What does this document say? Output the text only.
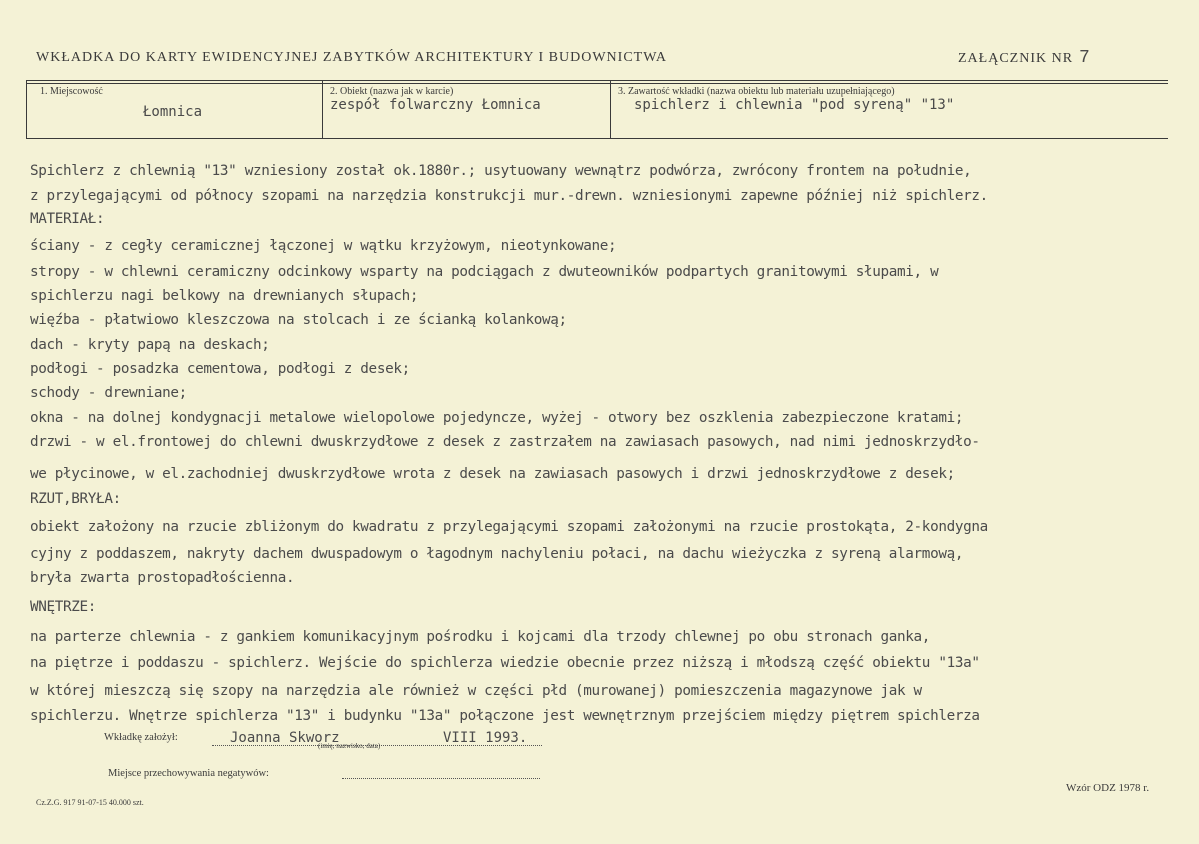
WKŁADKA DO KARTY EWIDENCYJNEJ ZABYTKÓW ARCHITEKTURY I BUDOWNICTWA	ZAŁĄCZNIK NR 7
1. Miejscowość
Łomnica
2. Obiekt (nazwa jak w karcie)
zespół folwarczny Łomnica
3. Zawartość wkładki (nazwa obiektu lub materiału uzupełniającego)
spichlerz i chlewnia "pod syreną" "13"
Spichlerz z chlewnią "13" wzniesiony został ok.1880r.; usytuowany wewnątrz podwórza, zwrócony frontem na południe,
z przylegającymi od północy szopami na narzędzia konstrukcji mur.-drewn. wzniesionymi zapewne później niż spichlerz.
MATERIAŁ:
ściany - z cegły ceramicznej łączonej w wątku krzyżowym, nieotynkowane;
stropy - w chlewni ceramiczny odcinkowy wsparty na podciągach z dwuteowników podpartych granitowymi słupami, w
spichlerzu nagi belkowy na drewnianych słupach;
więźba - płatwiowo kleszczowa na stolcach i ze ścianką kolankową;
dach - kryty papą na deskach;
podłogi - posadzka cementowa, podłogi z desek;
schody - drewniane;
okna - na dolnej kondygnacji metalowe wielopolowe pojedyncze, wyżej - otwory bez oszklenia zabezpieczone kratami;
drzwi - w el.frontowej do chlewni dwuskrzydłowe z desek z zastrzałem na zawiasach pasowych, nad nimi jednoskrzydło-
we płycinowe, w el.zachodniej dwuskrzydłowe wrota z desek na zawiasach pasowych i drzwi jednoskrzydłowe z desek;
RZUT,BRYŁA:
obiekt założony na rzucie zbliżonym do kwadratu z przylegającymi szopami założonymi na rzucie prostokąta, 2-kondygna
cyjny z poddaszem, nakryty dachem dwuspadowym o łagodnym nachyleniu połaci, na dachu wieżyczka z syreną alarmową,
bryła zwarta prostopadłościenna.
WNĘTRZE:
na parterze chlewnia - z gankiem komunikacyjnym pośrodku i kojcami dla trzody chlewnej po obu stronach ganka,
na piętrze i poddaszu - spichlerz. Wejście do spichlerza wiedzie obecnie przez niższą i młodszą część obiektu "13a"
w której mieszczą się szopy na narzędzia ale również w części płd (murowanej) pomieszczenia magazynowe jak w
spichlerzu. Wnętrze spichlerza "13" i budynku "13a" połączone jest wewnętrznym przejściem między piętrem spichlerza
Wkładkę założył:	Joanna Skworz
(imię, nazwisko, data)	VIII 1993.
Miejsce przechowywania negatywów:
Cz.Z.G. 917 91-07-15 40.000 szt.
Wzór ODZ 1978 r.
